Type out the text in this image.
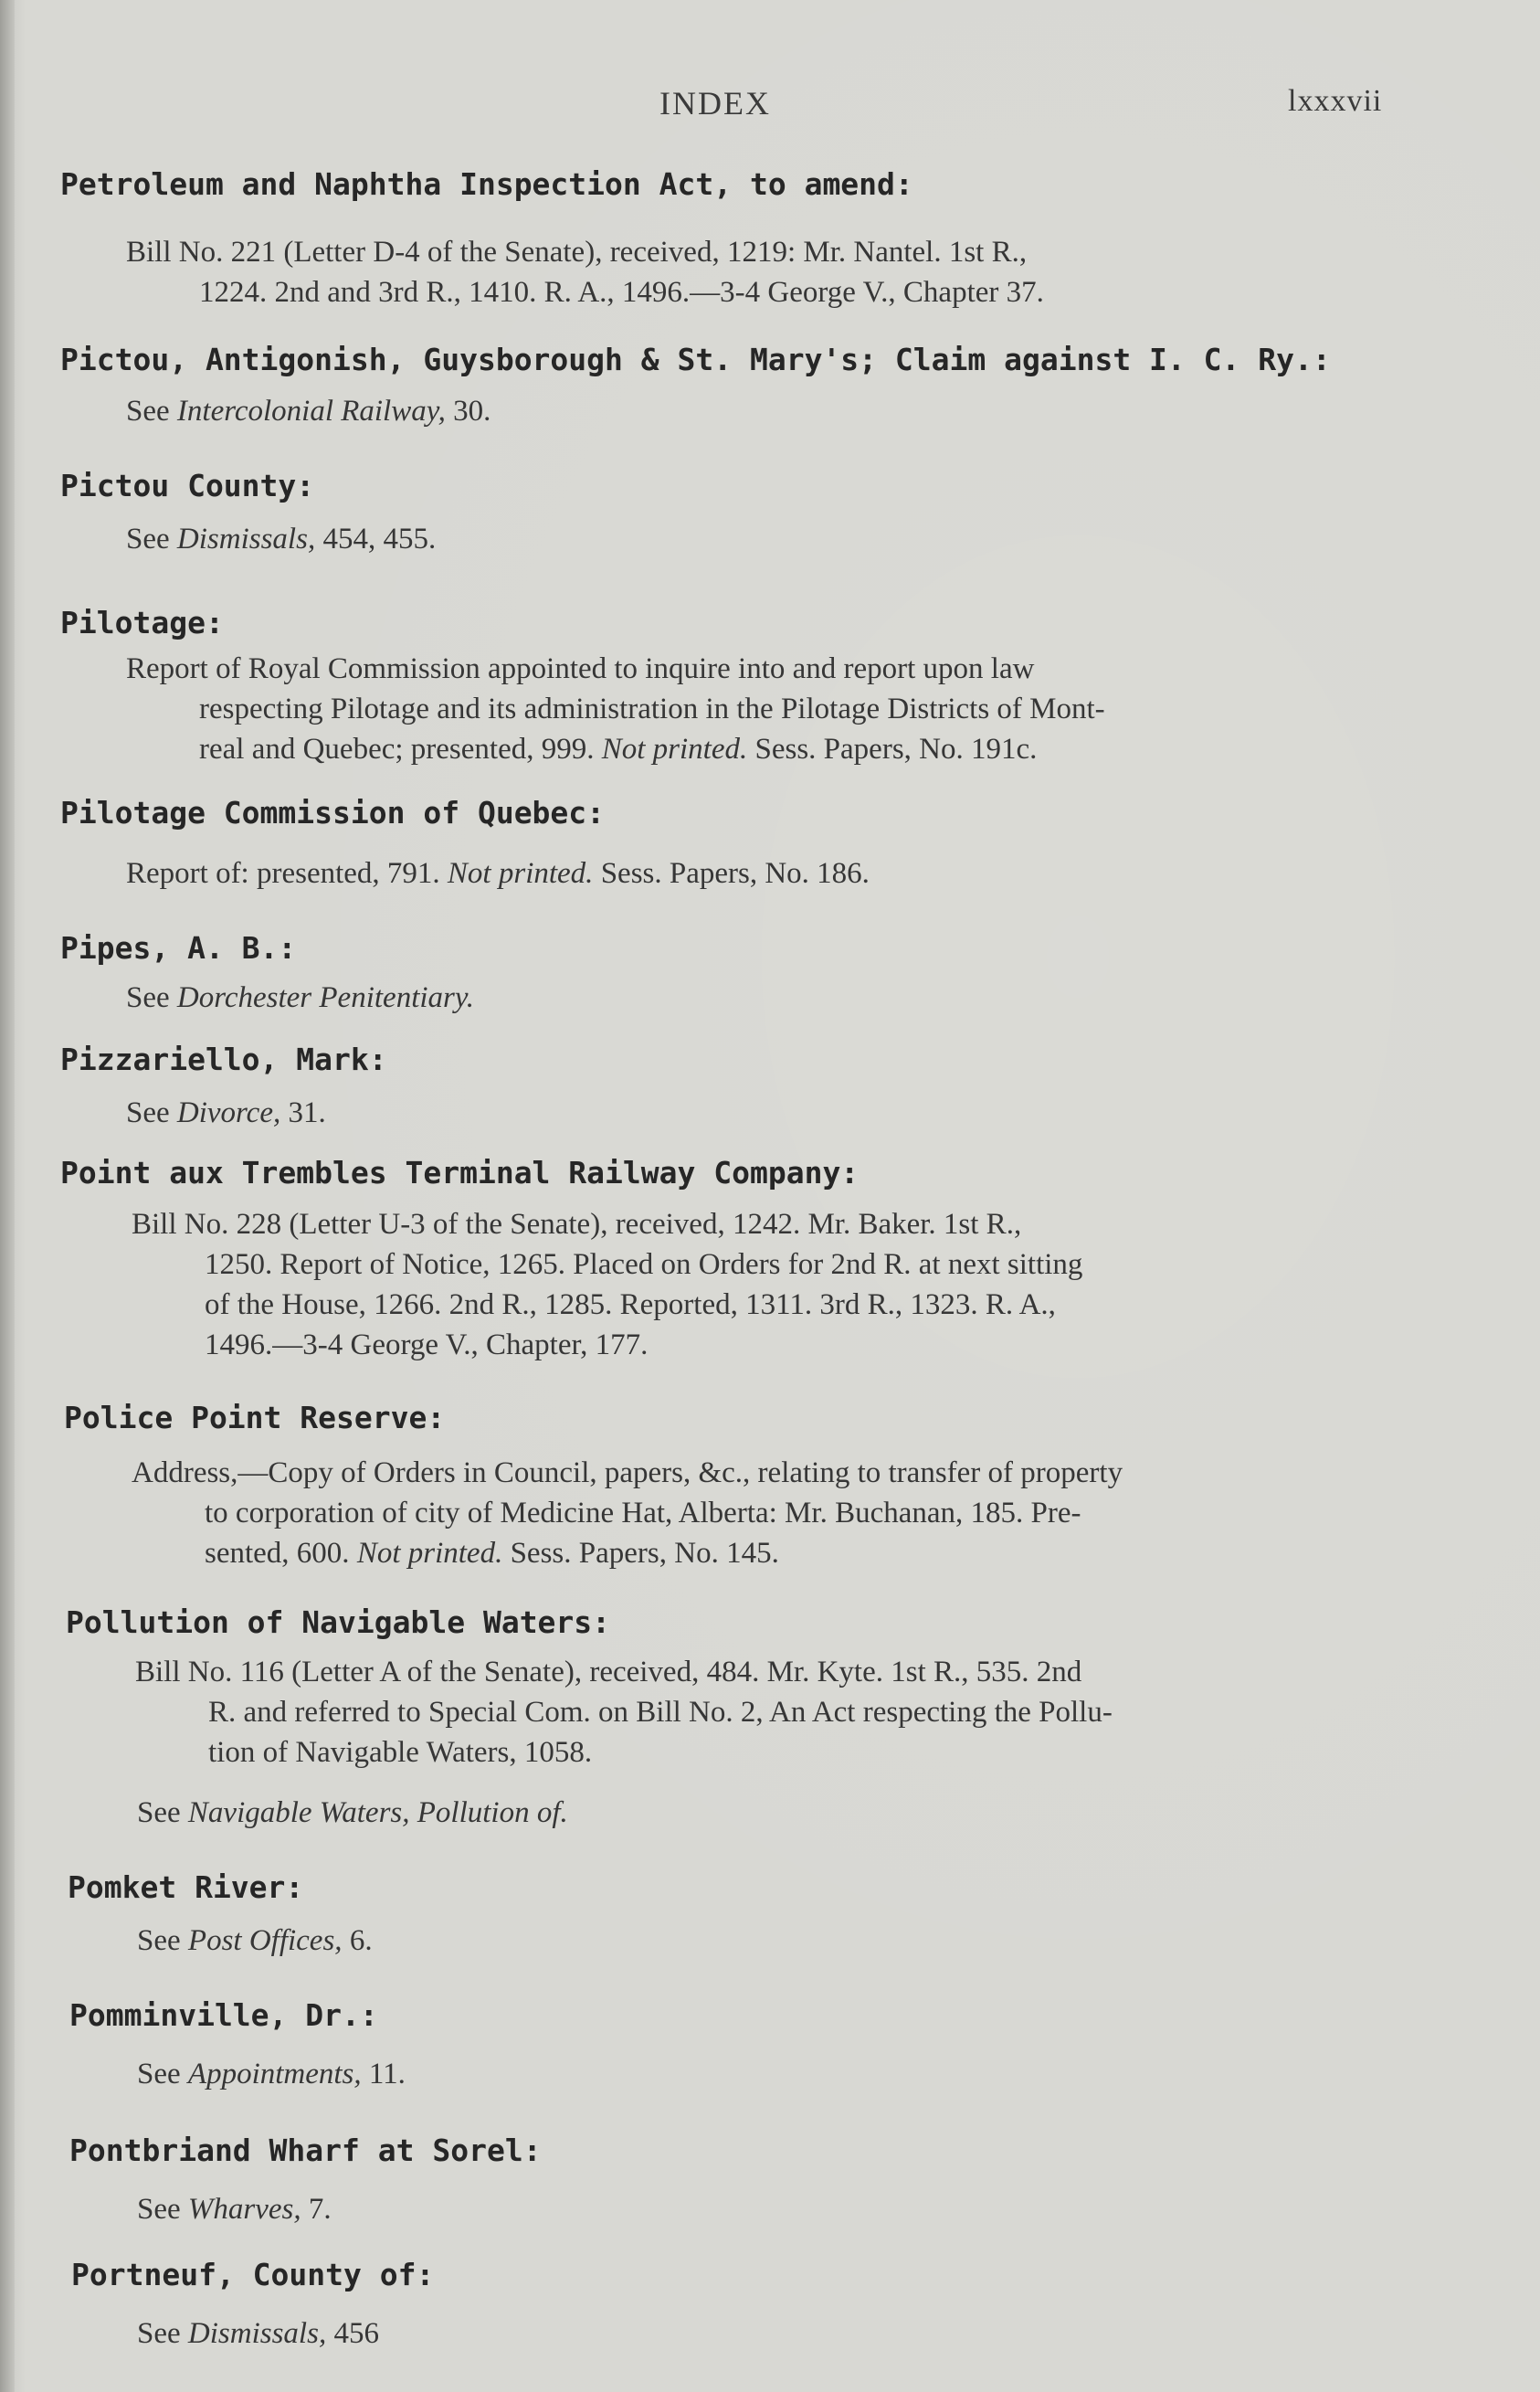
INDEX	lxxxvii
Petroleum and Naphtha Inspection Act, to amend:
Bill No. 221 (Letter D-4 of the Senate), received, 1219: Mr. Nantel. 1st R.,
1224. 2nd and 3rd R., 1410. R. A., 1496.—3-4 George V., Chapter 37.
Pictou, Antigonish, Guysborough & St. Mary's; Claim against I. C. Ry.:
See Intercolonial Railway, 30.
Pictou County:
See Dismissals, 454, 455.
Pilotage:
Report of Royal Commission appointed to inquire into and report upon law
respecting Pilotage and its administration in the Pilotage Districts of Mont-
real and Quebec; presented, 999. Not printed. Sess. Papers, No. 191c.
Pilotage Commission of Quebec:
Report of: presented, 791. Not printed. Sess. Papers, No. 186.
Pipes, A. B.:
See Dorchester Penitentiary.
Pizzariello, Mark:
See Divorce, 31.
Point aux Trembles Terminal Railway Company:
Bill No. 228 (Letter U-3 of the Senate), received, 1242. Mr. Baker. 1st R.,
1250. Report of Notice, 1265. Placed on Orders for 2nd R. at next sitting
of the House, 1266. 2nd R., 1285. Reported, 1311. 3rd R., 1323. R. A.,
1496.—3-4 George V., Chapter, 177.
Police Point Reserve:
Address,—Copy of Orders in Council, papers, &c., relating to transfer of property
to corporation of city of Medicine Hat, Alberta: Mr. Buchanan, 185. Pre-
sented, 600. Not printed. Sess. Papers, No. 145.
Pollution of Navigable Waters:
Bill No. 116 (Letter A of the Senate), received, 484. Mr. Kyte. 1st R., 535. 2nd
R. and referred to Special Com. on Bill No. 2, An Act respecting the Pollu-
tion of Navigable Waters, 1058.
See Navigable Waters, Pollution of.
Pomket River:
See Post Offices, 6.
Pomminville, Dr.:
See Appointments, 11.
Pontbriand Wharf at Sorel:
See Wharves, 7.
Portneuf, County of:
See Dismissals, 456
